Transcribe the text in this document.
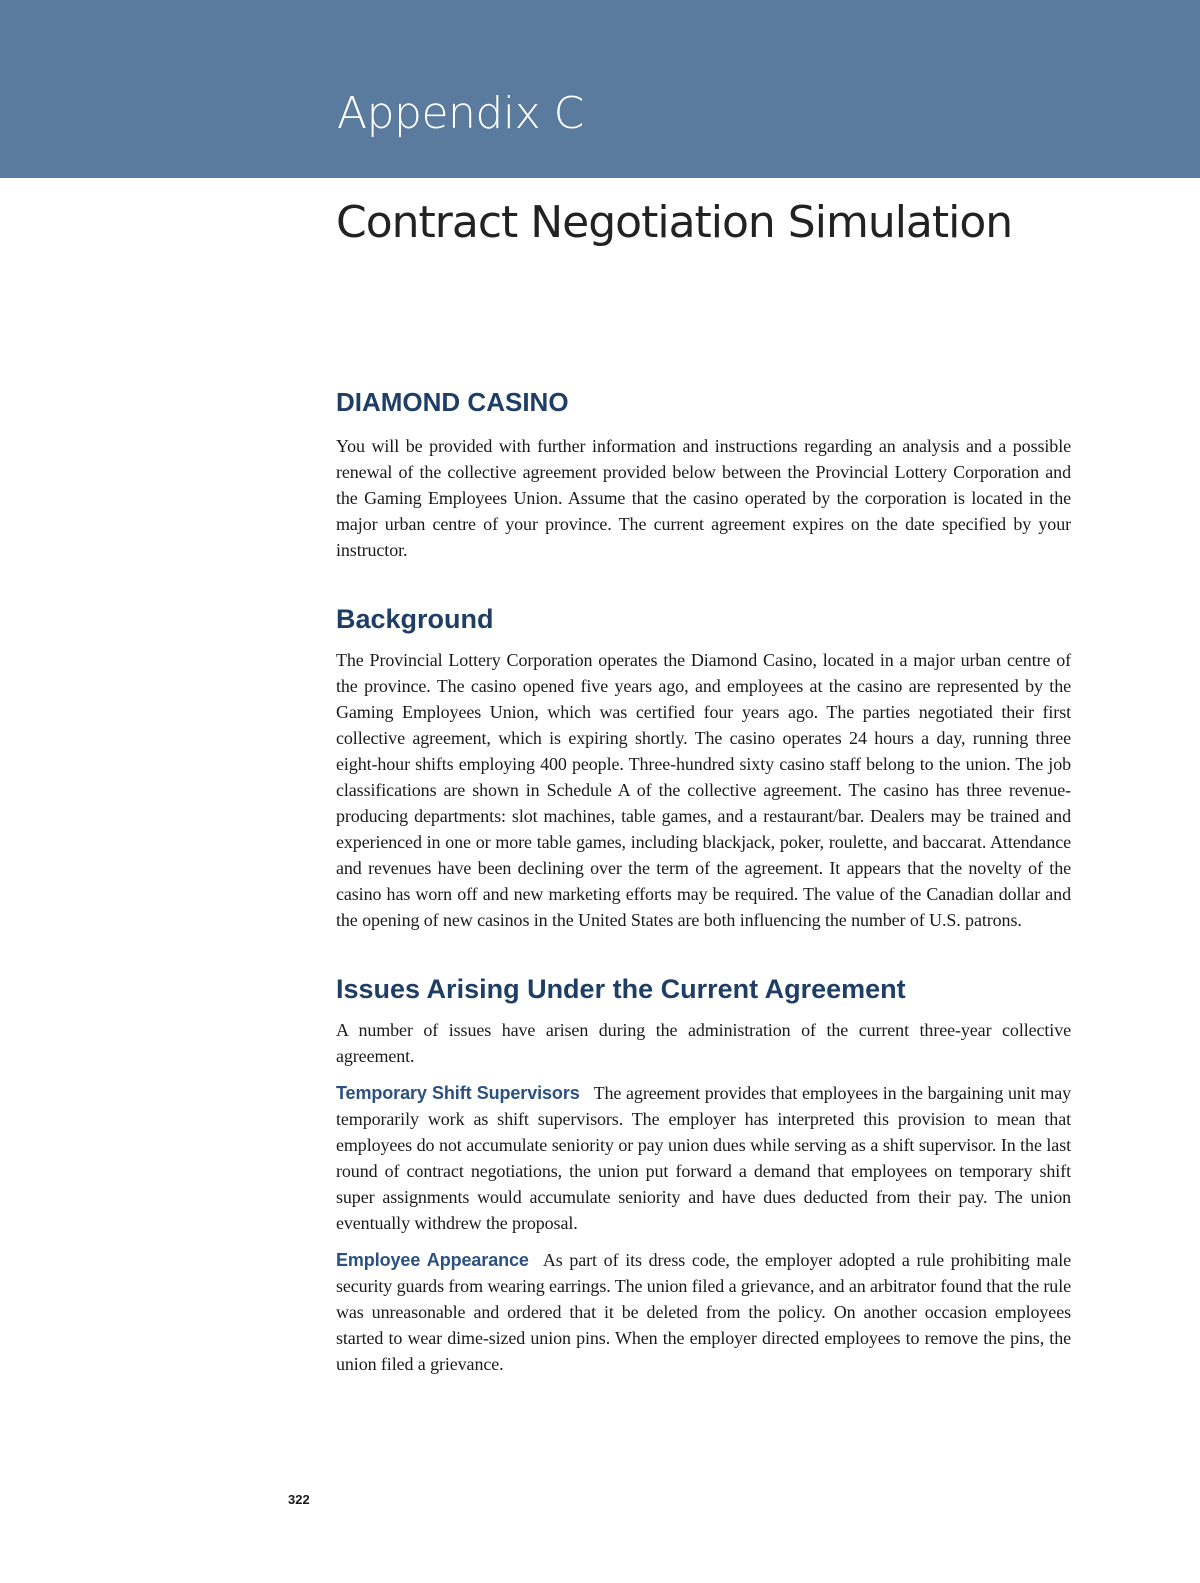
Appendix C
Contract Negotiation Simulation
DIAMOND CASINO

You will be provided with further information and instructions regarding an analysis and a possible renewal of the collective agreement provided below between the Provincial Lottery Corporation and the Gaming Employees Union. Assume that the casino operated by the corporation is located in the major urban centre of your province. The current agreement expires on the date specified by your instructor.

Background

The Provincial Lottery Corporation operates the Diamond Casino, located in a major urban centre of the province. The casino opened five years ago, and employees at the casino are represented by the Gaming Employees Union, which was certified four years ago. The parties negotiated their first collective agreement, which is expiring shortly. The casino operates 24 hours a day, running three eight-hour shifts employing 400 people. Three-hundred sixty casino staff belong to the union. The job classifications are shown in Schedule A of the collective agreement. The casino has three revenue-producing departments: slot machines, table games, and a restaurant/bar. Dealers may be trained and experienced in one or more table games, including blackjack, poker, roulette, and baccarat. Attendance and revenues have been declining over the term of the agreement. It appears that the novelty of the casino has worn off and new marketing efforts may be required. The value of the Canadian dollar and the opening of new casinos in the United States are both influencing the number of U.S. patrons.

Issues Arising Under the Current Agreement

A number of issues have arisen during the administration of the current three-year collective agreement.

Temporary Shift Supervisors The agreement provides that employees in the bargaining unit may temporarily work as shift supervisors. The employer has interpreted this provision to mean that employees do not accumulate seniority or pay union dues while serving as a shift supervisor. In the last round of contract negotiations, the union put forward a demand that employees on temporary shift super assignments would accumulate seniority and have dues deducted from their pay. The union eventually withdrew the proposal.

Employee Appearance As part of its dress code, the employer adopted a rule prohibiting male security guards from wearing earrings. The union filed a grievance, and an arbitrator found that the rule was unreasonable and ordered that it be deleted from the policy. On another occasion employees started to wear dime-sized union pins. When the employer directed employees to remove the pins, the union filed a grievance.

322
